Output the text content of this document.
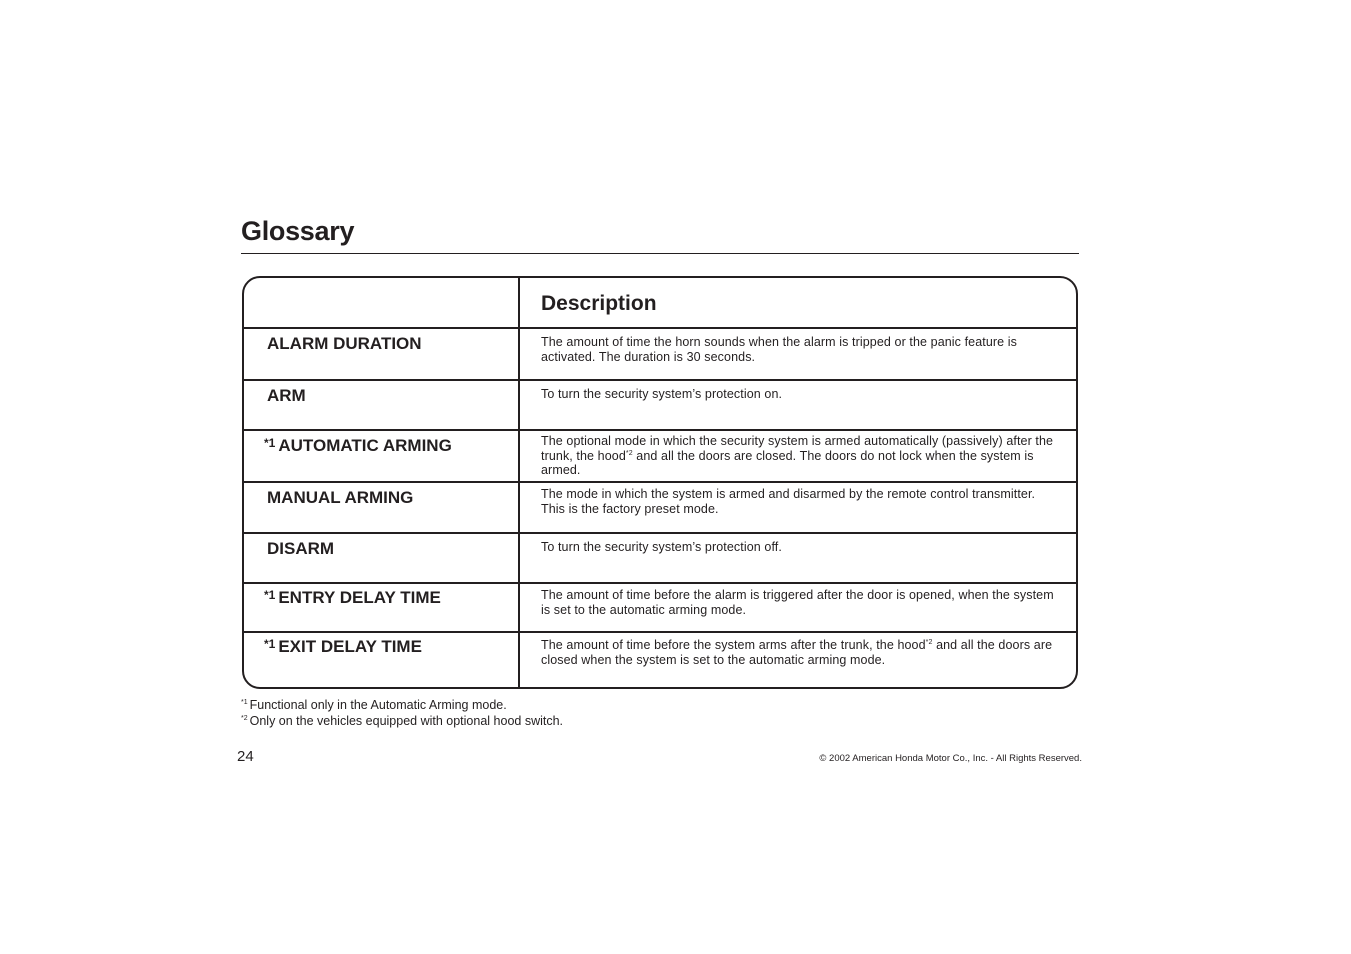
Glossary
Description
ALARM DURATION	The amount of time the horn sounds when the alarm is tripped or the panic feature is activated. The duration is 30 seconds.
ARM	To turn the security system’s protection on.
$^{*1}$ AUTOMATIC ARMING	The optional mode in which the security system is armed automatically (passively) after the trunk, the hood$^{*2}$ and all the doors are closed. The doors do not lock when the system is armed.
MANUAL ARMING	The mode in which the system is armed and disarmed by the remote control transmitter. This is the factory preset mode.
DISARM	To turn the security system’s protection off.
$^{*1}$ ENTRY DELAY TIME	The amount of time before the alarm is triggered after the door is opened, when the system is set to the automatic arming mode.
$^{*1}$ EXIT DELAY TIME	The amount of time before the system arms after the trunk, the hood$^{*2}$ and all the doors are closed when the system is set to the automatic arming mode.
$^{*1}$ Functional only in the Automatic Arming mode.
$^{*2}$ Only on the vehicles equipped with optional hood switch.
24	© 2002 American Honda Motor Co., Inc. - All Rights Reserved.
